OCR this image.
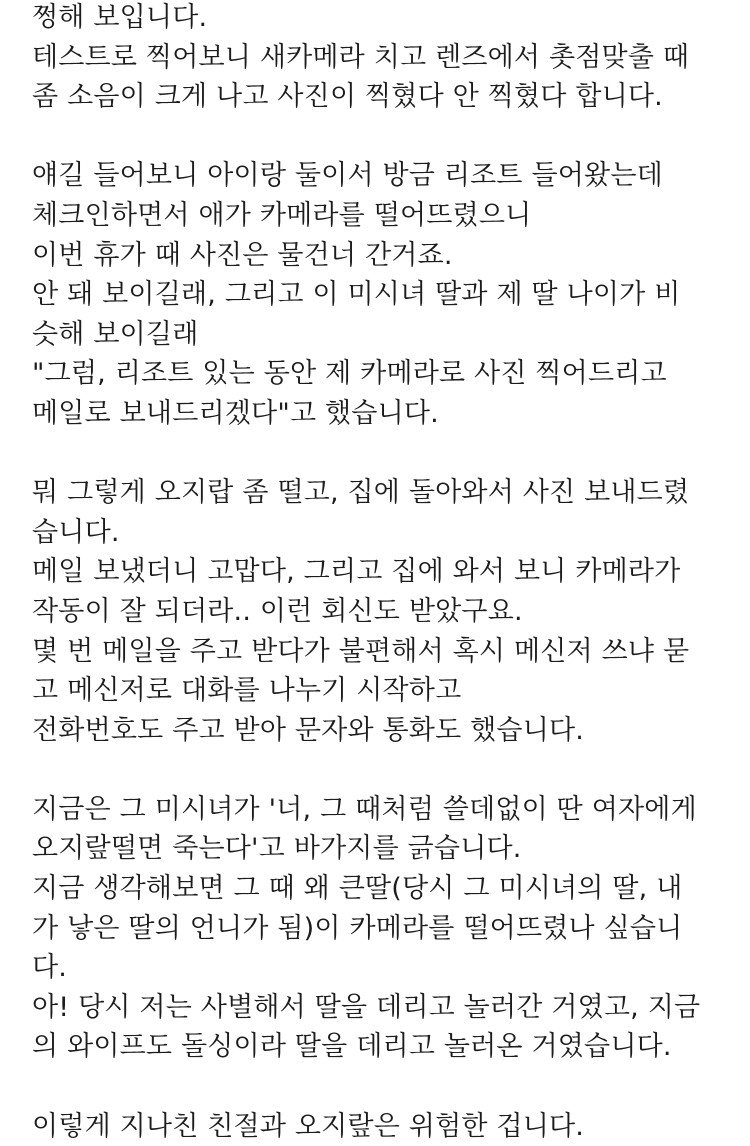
쩡해 보입니다.
테스트로 찍어보니 새카메라 치고 렌즈에서 촛점맞출 때
좀 소음이 크게 나고 사진이 찍혔다 안 찍혔다 합니다.
얘길 들어보니 아이랑 둘이서 방금 리조트 들어왔는데
체크인하면서 애가 카메라를 떨어뜨렸으니
이번 휴가 때 사진은 물건너 간거죠.
안 돼 보이길래, 그리고 이 미시녀 딸과 제 딸 나이가 비
슷해 보이길래
"그럼, 리조트 있는 동안 제 카메라로 사진 찍어드리고
메일로 보내드리겠다"고 했습니다.
뭐 그렇게 오지랍 좀 떨고, 집에 돌아와서 사진 보내드렸
습니다.
메일 보냈더니 고맙다, 그리고 집에 와서 보니 카메라가
작동이 잘 되더라.. 이런 회신도 받았구요.
몇 번 메일을 주고 받다가 불편해서 혹시 메신저 쓰냐 묻
고 메신저로 대화를 나누기 시작하고
전화번호도 주고 받아 문자와 통화도 했습니다.
지금은 그 미시녀가 '너, 그 때처럼 쓸데없이 딴 여자에게
오지랖떨면 죽는다'고 바가지를 긁습니다.
지금 생각해보면 그 때 왜 큰딸(당시 그 미시녀의 딸, 내
가 낳은 딸의 언니가 됨)이 카메라를 떨어뜨렸나 싶습니
다.
아! 당시 저는 사별해서 딸을 데리고 놀러간 거였고, 지금
의 와이프도 돌싱이라 딸을 데리고 놀러온 거였습니다.
이렇게 지나친 친절과 오지랖은 위험한 겁니다.
